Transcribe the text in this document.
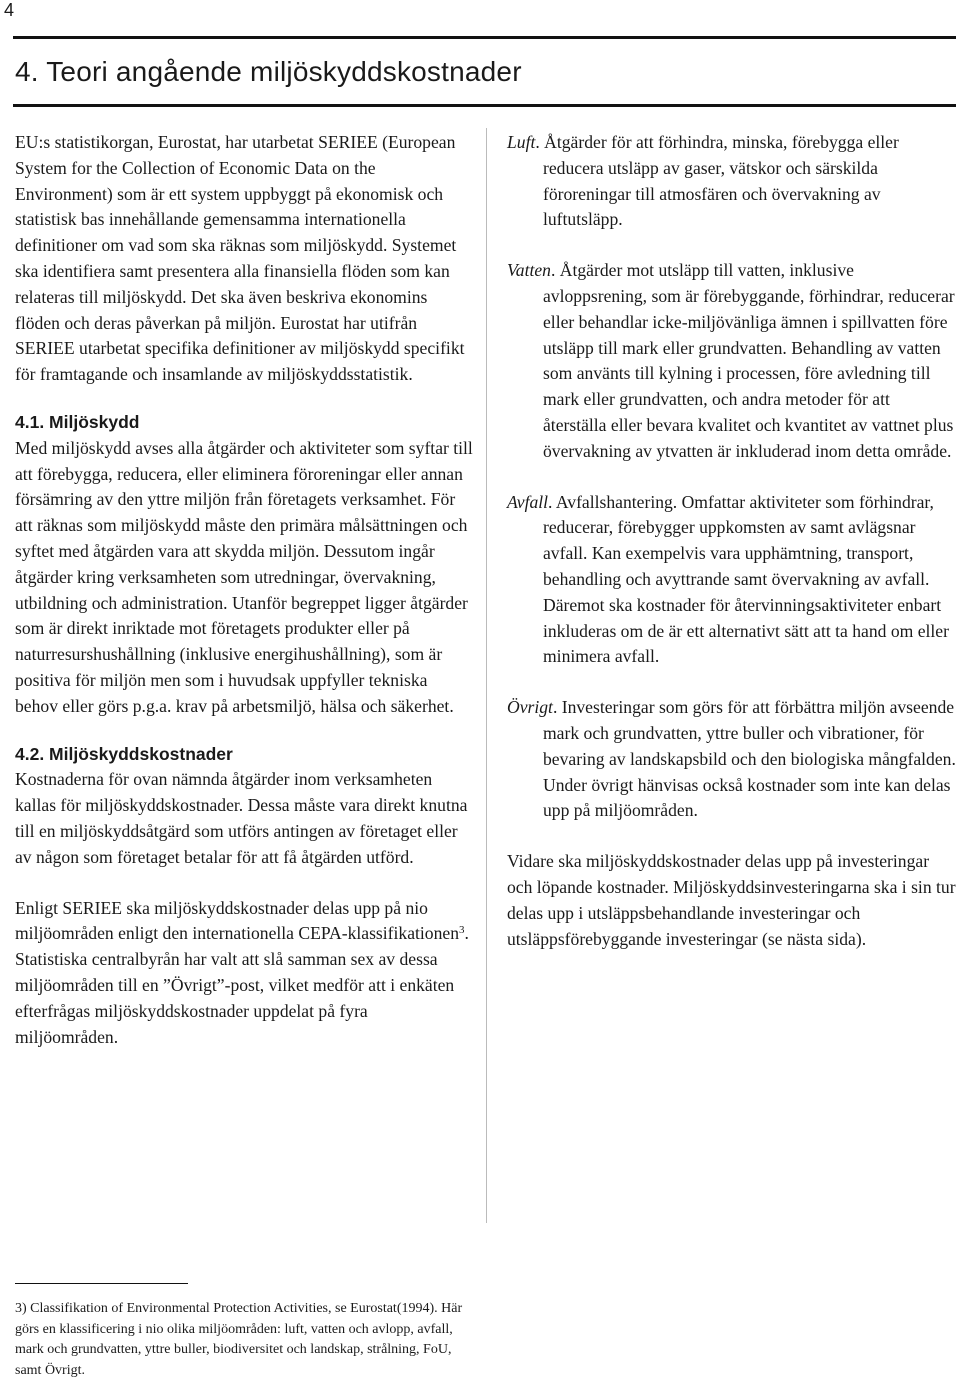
4
4. Teori angående miljöskyddskostnader

EU:s statistikorgan, Eurostat, har utarbetat SERIEE (European System for the Collection of Economic Data on the Environment) som är ett system uppbyggt på ekonomisk och statistisk bas innehållande gemensamma internationella definitioner om vad som ska räknas som miljöskydd. Systemet ska identifiera samt presentera alla finansiella flöden som kan relateras till miljöskydd. Det ska även beskriva ekonomins flöden och deras påverkan på miljön. Eurostat har utifrån SERIEE utarbetat specifika definitioner av miljöskydd specifikt för framtagande och insamlande av miljöskyddsstatistik.

4.1. Miljöskydd

Med miljöskydd avses alla åtgärder och aktiviteter som syftar till att förebygga, reducera, eller eliminera föroreningar eller annan försämring av den yttre miljön från företagets verksamhet. För att räknas som miljöskydd måste den primära målsättningen och syftet med åtgärden vara att skydda miljön. Dessutom ingår åtgärder kring verksamheten som utredningar, övervakning, utbildning och administration. Utanför begreppet ligger åtgärder som är direkt inriktade mot företagets produkter eller på naturresurshushållning (inklusive energihushållning), som är positiva för miljön men som i huvudsak uppfyller tekniska behov eller görs p.g.a. krav på arbetsmiljö, hälsa och säkerhet.

4.2. Miljöskyddskostnader

Kostnaderna för ovan nämnda åtgärder inom verksamheten kallas för miljöskyddskostnader. Dessa måste vara direkt knutna till en miljöskyddsåtgärd som utförs antingen av företaget eller av någon som företaget betalar för att få åtgärden utförd.

Enligt SERIEE ska miljöskyddskostnader delas upp på nio miljöområden enligt den internationella CEPA-klassifikationen$^3$. Statistiska centralbyrån har valt att slå samman sex av dessa miljöområden till en ”Övrigt”-post, vilket medför att i enkäten efterfrågas miljöskyddskostnader uppdelat på fyra miljöområden.

Luft. Åtgärder för att förhindra, minska, förebygga eller reducera utsläpp av gaser, vätskor och särskilda föroreningar till atmosfären och övervakning av luftutsläpp.

Vatten. Åtgärder mot utsläpp till vatten, inklusive avloppsrening, som är förebyggande, förhindrar, reducerar eller behandlar icke-miljövänliga ämnen i spillvatten före utsläpp till mark eller grundvatten. Behandling av vatten som använts till kylning i processen, före avledning till mark eller grundvatten, och andra metoder för att återställa eller bevara kvalitet och kvantitet av vattnet plus övervakning av ytvatten är inkluderad inom detta område.

Avfall. Avfallshantering. Omfattar aktiviteter som förhindrar, reducerar, förebygger uppkomsten av samt avlägsnar avfall. Kan exempelvis vara upphämtning, transport, behandling och avyttrande samt övervakning av avfall. Däremot ska kostnader för återvinningsaktiviteter enbart inkluderas om de är ett alternativt sätt att ta hand om eller minimera avfall.

Övrigt. Investeringar som görs för att förbättra miljön avseende mark och grundvatten, yttre buller och vibrationer, för bevaring av landskapsbild och den biologiska mångfalden.
Under övrigt hänvisas också kostnader som inte kan delas upp på miljöområden.

Vidare ska miljöskyddskostnader delas upp på investeringar och löpande kostnader. Miljöskyddsinvesteringarna ska i sin tur delas upp i utsläppsbehandlande investeringar och utsläppsförebyggande investeringar (se nästa sida).

3) Classifikation of Environmental Protection Activities, se Eurostat(1994). Här görs en klassificering i nio olika miljöområden: luft, vatten och avlopp, avfall, mark och grundvatten, yttre buller, biodiversitet och landskap, strålning, FoU, samt Övrigt.
